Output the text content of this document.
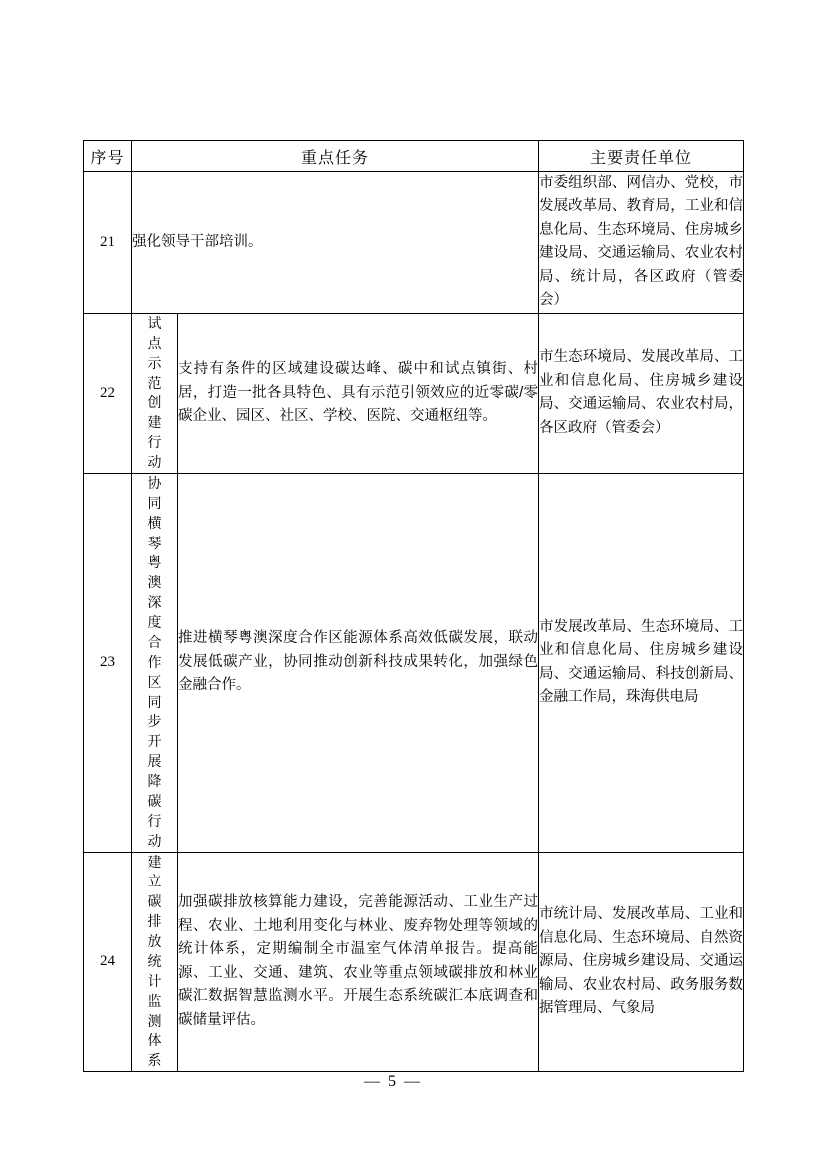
序号	重点任务		主要责任单位
21	强化领导干部培训。		市委组织部、网信办、党校，市发展改革局、教育局，工业和信息化局、生态环境局、住房城乡建设局、交通运输局、农业农村局、统计局，各区政府（管委会）
22	试点示范创建行动	支持有条件的区域建设碳达峰、碳中和试点镇街、村居，打造一批各具特色、具有示范引领效应的近零碳/零碳企业、园区、社区、学校、医院、交通枢纽等。	市生态环境局、发展改革局、工业和信息化局、住房城乡建设局、交通运输局、农业农村局，各区政府（管委会）
23	协同横琴粤澳深度合作区同步开展降碳行动	推进横琴粤澳深度合作区能源体系高效低碳发展，联动发展低碳产业，协同推动创新科技成果转化，加强绿色金融合作。	市发展改革局、生态环境局、工业和信息化局、住房城乡建设局、交通运输局、科技创新局、金融工作局，珠海供电局
24	建立碳排放统计监测体系	加强碳排放核算能力建设，完善能源活动、工业生产过程、农业、土地利用变化与林业、废弃物处理等领域的统计体系，定期编制全市温室气体清单报告。提高能源、工业、交通、建筑、农业等重点领域碳排放和林业碳汇数据智慧监测水平。开展生态系统碳汇本底调查和碳储量评估。	市统计局、发展改革局、工业和信息化局、生态环境局、自然资源局、住房城乡建设局、交通运输局、农业农村局、政务服务数据管理局、气象局
— 5 —
